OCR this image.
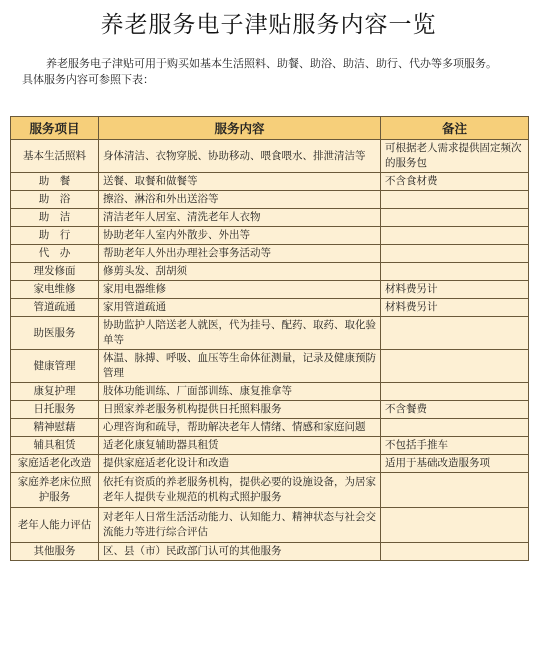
养老服务电子津贴服务内容一览

养老服务电子津贴可用于购买如基本生活照料、助餐、助浴、助洁、助行、代办等多项服务。

具体服务内容可参照下表：

服务项目	服务内容	备注
基本生活照料	身体清洁、衣物穿脱、协助移动、喂食喂水、排泄清洁等	可根据老人需求提供固定频次的服务包
助　餐	送餐、取餐和做餐等	不含食材费
助　浴	擦浴、淋浴和外出送浴等	
助　洁	清洁老年人居室、清洗老年人衣物	
助　行	协助老年人室内外散步、外出等	
代　办	帮助老年人外出办理社会事务活动等	
理发修面	修剪头发、刮胡须	
家电维修	家用电器维修	材料费另计
管道疏通	家用管道疏通	材料费另计
助医服务	协助监护人陪送老人就医，代为挂号、配药、取药、取化验单等	
健康管理	体温、脉搏、呼吸、血压等生命体征测量，记录及健康预防管理	
康复护理	肢体功能训练、厂面部训练、康复推拿等	
日托服务	日照家养老服务机构提供日托照料服务	不含餐费
精神慰藉	心理咨询和疏导，帮助解决老年人情绪、情感和家庭问题	
辅具租赁	适老化康复辅助器具租赁	不包括手推车
家庭适老化改造	提供家庭适老化设计和改造	适用于基础改造服务项
家庭养老床位照护服务	依托有资质的养老服务机构，提供必要的设施设备，为居家老年人提供专业规范的机构式照护服务	
老年人能力评估	对老年人日常生活活动能力、认知能力、精神状态与社会交流能力等进行综合评估	
其他服务	区、县（市）民政部门认可的其他服务	
